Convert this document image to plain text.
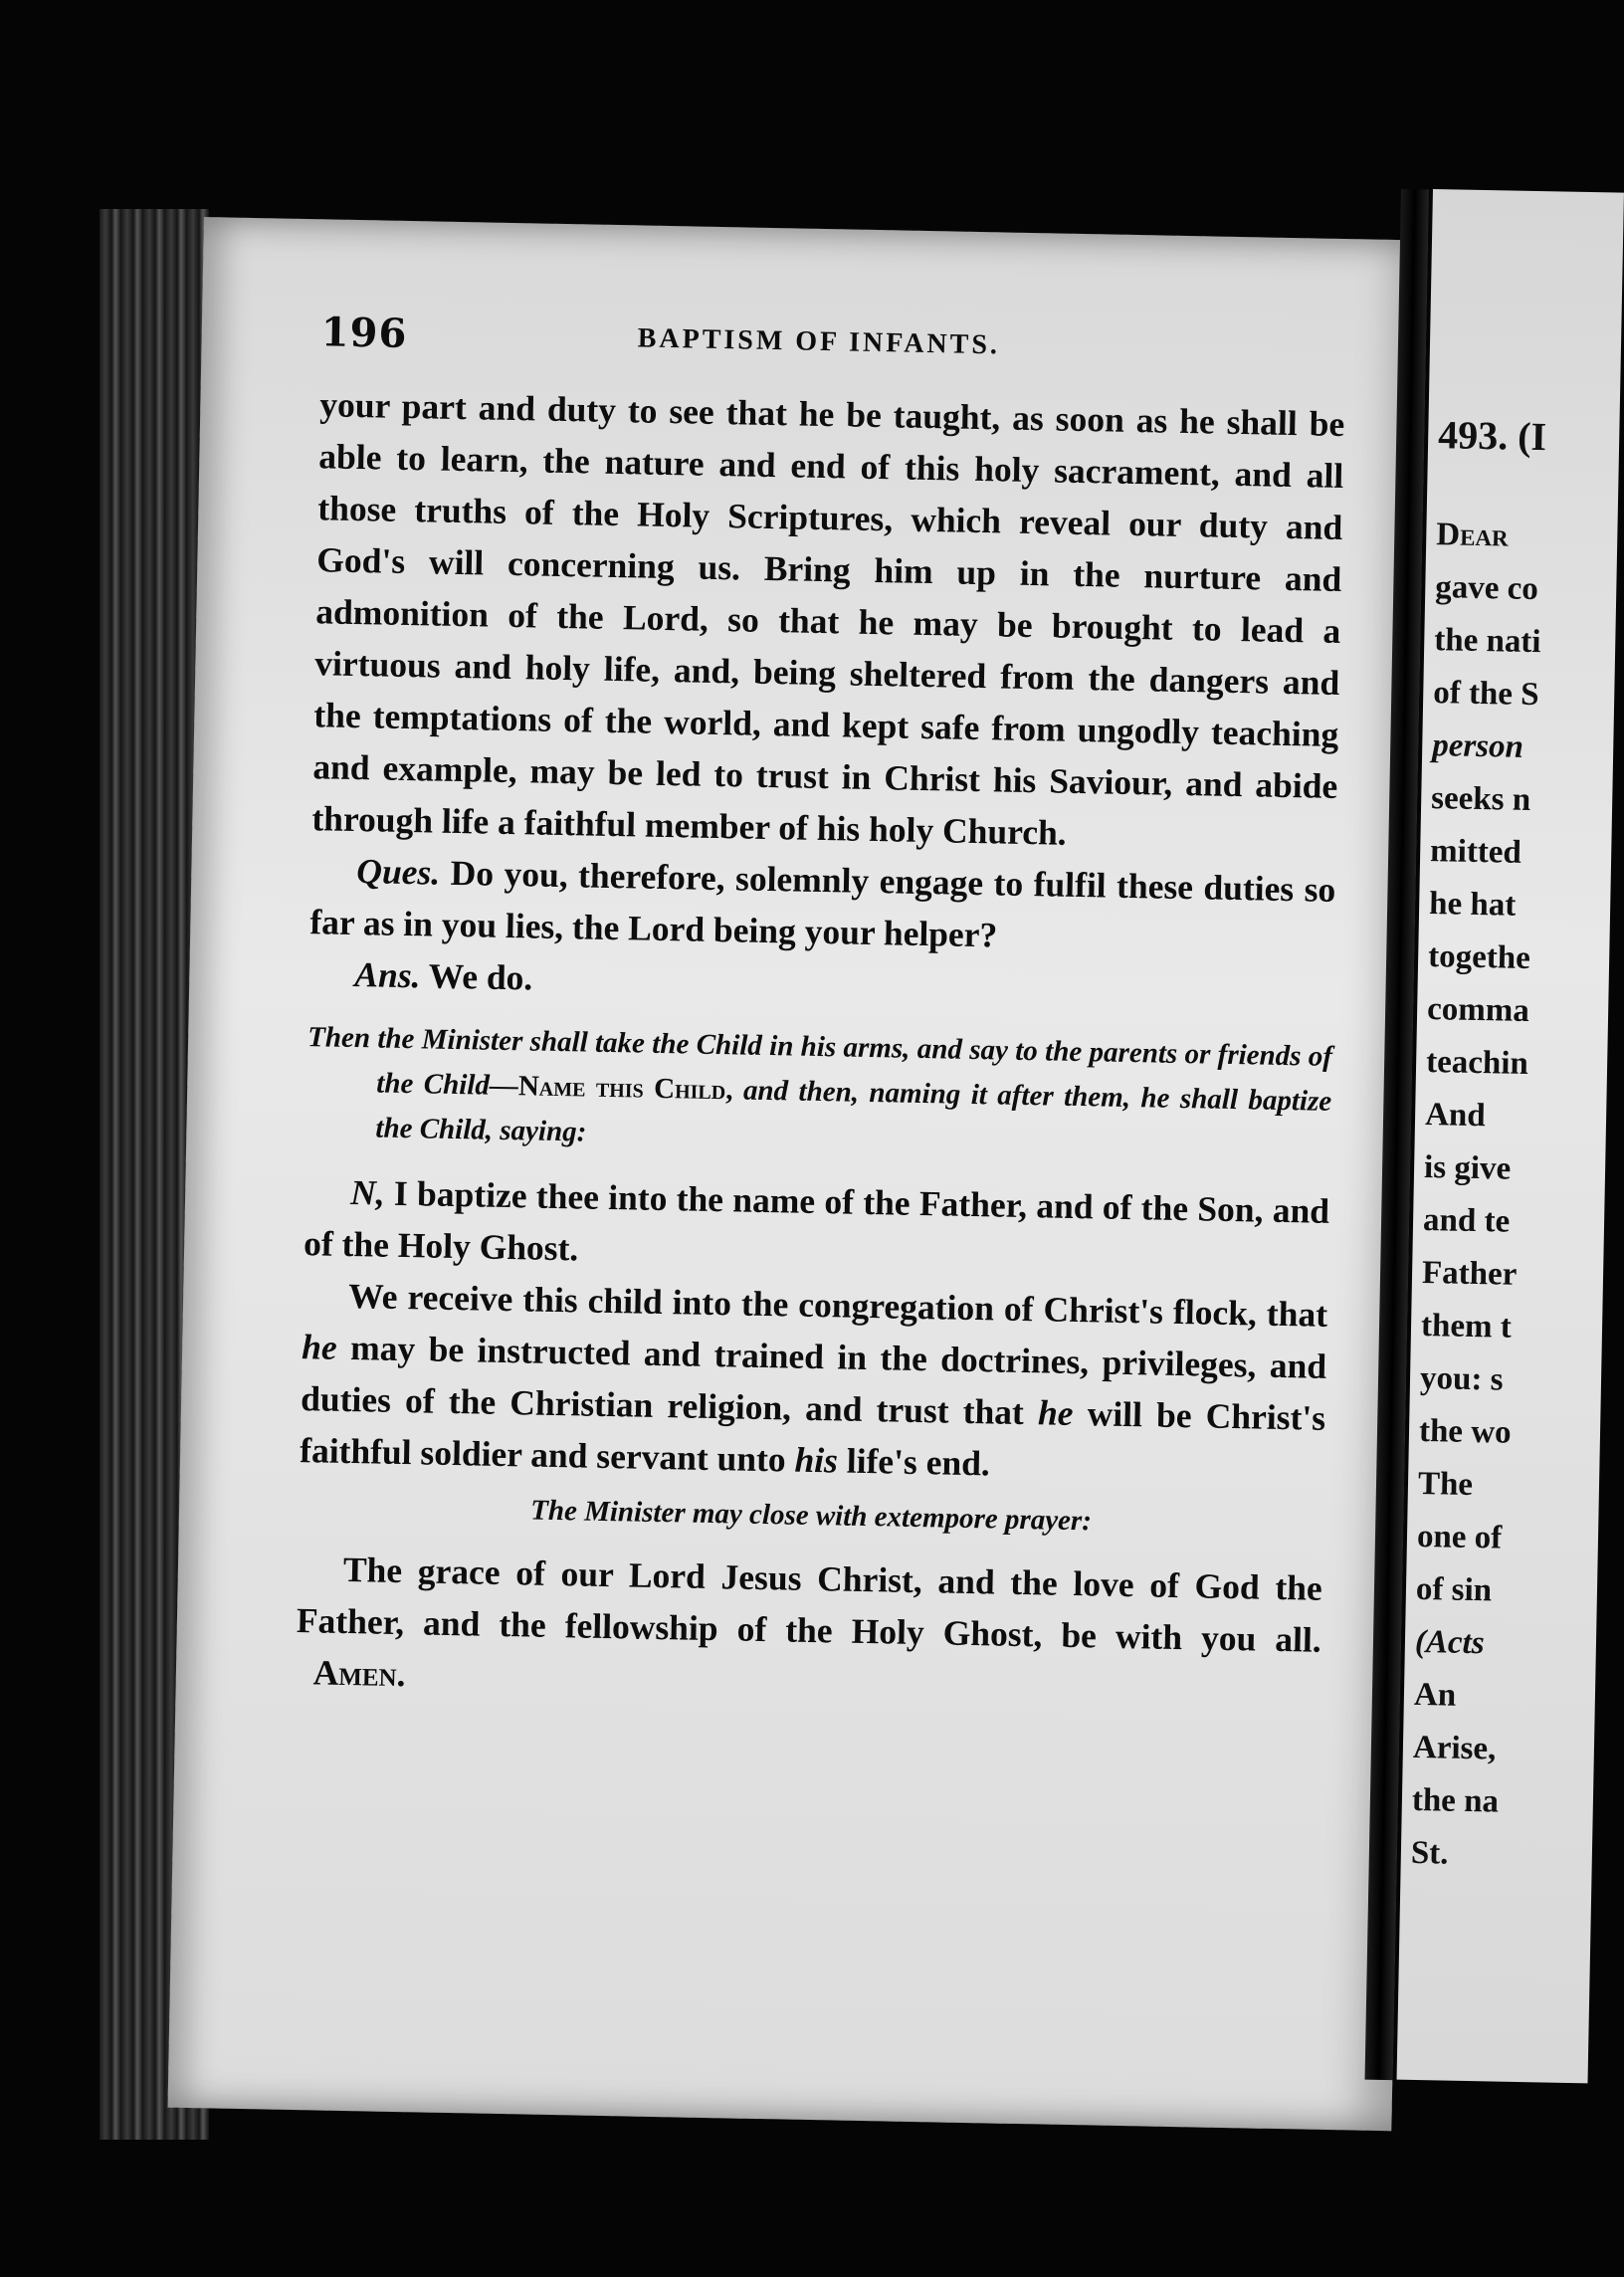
196	BAPTISM OF INFANTS.

your part and duty to see that he be taught, as soon as he shall be able to learn, the nature and end of this holy sacrament, and all those truths of the Holy Scriptures, which reveal our duty and God's will concerning us. Bring him up in the nurture and admonition of the Lord, so that he may be brought to lead a virtuous and holy life, and, being sheltered from the dangers and the temptations of the world, and kept safe from ungodly teaching and example, may be led to trust in Christ his Saviour, and abide through life a faithful member of his holy Church.

Ques. Do you, therefore, solemnly engage to fulfil these duties so far as in you lies, the Lord being your helper?

Ans. We do.

Then the Minister shall take the Child in his arms, and say to the parents or friends of the Child—Name this Child, and then, naming it after them, he shall baptize the Child, saying:

N, I baptize thee into the name of the Father, and of the Son, and of the Holy Ghost.

We receive this child into the congregation of Christ's flock, that he may be instructed and trained in the doctrines, privileges, and duties of the Christian religion, and trust that he will be Christ's faithful soldier and servant unto his life's end.

The Minister may close with extempore prayer:

The grace of our Lord Jesus Christ, and the love of God the Father, and the fellowship of the Holy Ghost, be with you all.   Amen.

493. (I
Dear
gave co
the nati
of the S
person
seeks n
mitted
he hat
togethe
comma
teachin
And
is give
and te
Father
them t
you: s
the wo
The
one of
of sin
(Acts
An
Arise,
the na
St.
